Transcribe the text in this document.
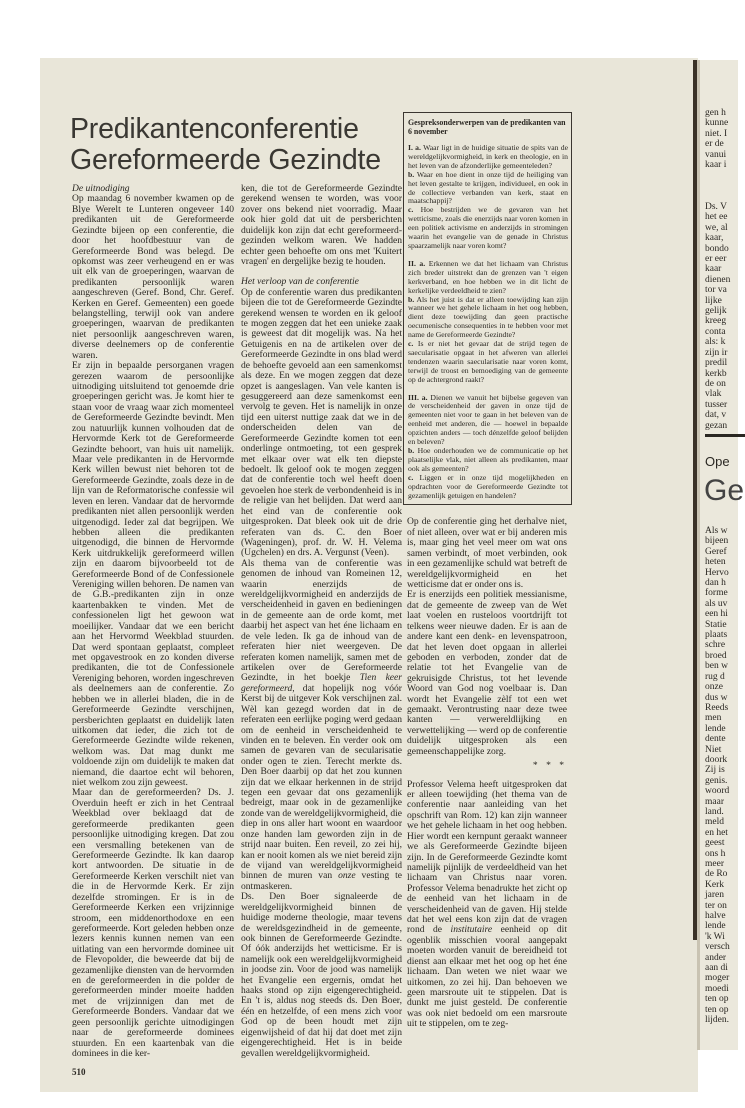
Predikantenconferentie
Gereformeerde Gezindte

De uitnodiging

Op maandag 6 november kwamen op de Blye Werelt te Lunteren ongeveer 140 predikanten uit de Gereformeerde Gezindte bijeen op een conferentie, die door het hoofdbestuur van de Gereformeerde Bond was belegd. De opkomst was zeer verheugend en er was uit elk van de groeperingen, waarvan de predikanten persoonlijk waren aangeschreven (Geref. Bond, Chr. Geref. Kerken en Geref. Gemeenten) een goede belangstelling, terwijl ook van andere groeperingen, waarvan de predikanten niet persoonlijk aangeschreven waren, diverse deelnemers op de conferentie waren.

Er zijn in bepaalde persorganen vragen gerezen waarom de persoonlijke uitnodiging uitsluitend tot genoemde drie groeperingen gericht was. Je komt hier te staan voor de vraag waar zich momenteel de Gereformeerde Gezindte bevindt. Men zou natuurlijk kunnen volhouden dat de Hervormde Kerk tot de Gereformeerde Gezindte behoort, van huis uit namelijk. Maar vele predikanten in de Hervormde Kerk willen bewust niet behoren tot de Gereformeerde Gezindte, zoals deze in de lijn van de Reformatorische confessie wil leven en leren. Vandaar dat de hervormde predikanten niet allen persoonlijk werden uitgenodigd. Ieder zal dat begrijpen. We hebben alleen die predikanten uitgenodigd, die binnen de Hervormde Kerk uitdrukkelijk gereformeerd willen zijn en daarom bijvoorbeeld tot de Gereformeerde Bond of de Confessionele Vereniging willen behoren. De namen van de G.B.-predikanten zijn in onze kaartenbakken te vinden. Met de confessionelen ligt het gewoon wat moeilijker. Vandaar dat we een bericht aan het Hervormd Weekblad stuurden. Dat werd spontaan geplaatst, compleet met opgavestrook en zo konden diverse predikanten, die tot de Confessionele Vereniging behoren, worden ingeschreven als deelnemers aan de conferentie. Zo hebben we in allerlei bladen, die in de Gereformeerde Gezindte verschijnen, persberichten geplaatst en duidelijk laten uitkomen dat ieder, die zich tot de Gereformeerde Gezindte wilde rekenen, welkom was. Dat mag dunkt me voldoende zijn om duidelijk te maken dat niemand, die daartoe echt wil behoren, niet welkom zou zijn geweest.

Maar dan de gereformeerden? Ds. J. Overduin heeft er zich in het Centraal Weekblad over beklaagd dat de gereformeerde predikanten geen persoonlijke uitnodiging kregen. Dat zou een versmalling betekenen van de Gereformeerde Gezindte. Ik kan daarop kort antwoorden. De situatie in de Gereformeerde Kerken verschilt niet van die in de Hervormde Kerk. Er zijn dezelfde stromingen. Er is in de Gereformeerde Kerken een vrijzinnige stroom, een middenorthodoxe en een gereformeerde. Kort geleden hebben onze lezers kennis kunnen nemen van een uitlating van een hervormde dominee uit de Flevopolder, die beweerde dat bij de gezamenlijke diensten van de hervormden en de gereformeerden in die polder de gereformeerden minder moeite hadden met de vrijzinnigen dan met de Gereformeerde Bonders. Vandaar dat we geen persoonlijk gerichte uitnodigingen naar de gereformeerde dominees stuurden. En een kaartenbak van die dominees in die ker-

510

ken, die tot de Gereformeerde Gezindte gerekend wensen te worden, was voor zover ons bekend niet voorradig. Maar ook hier gold dat uit de persberichten duidelijk kon zijn dat echt gereformeerd-gezinden welkom waren. We hadden echter geen behoefte om ons met 'Kuitert vragen' en dergelijke bezig te houden.

Het verloop van de conferentie

Op de conferentie waren dus predikanten bijeen die tot de Gereformeerde Gezindte gerekend wensen te worden en ik geloof te mogen zeggen dat het een unieke zaak is geweest dat dit mogelijk was. Na het Getuigenis en na de artikelen over de Gereformeerde Gezindte in ons blad werd de behoefte gevoeld aan een samenkomst als deze. En we mogen zeggen dat deze opzet is aangeslagen. Van vele kanten is gesuggereerd aan deze samenkomst een vervolg te geven. Het is namelijk in onze tijd een uiterst nuttige zaak dat we in de onderscheiden delen van de Gereformeerde Gezindte komen tot een onderlinge ontmoeting, tot een gesprek met elkaar over wat elk ten diepste bedoelt. Ik geloof ook te mogen zeggen dat de conferentie toch wel heeft doen gevoelen hoe sterk de verbondenheid is in de religie van het belijden. Dat werd aan het eind van de conferentie ook uitgesproken. Dat bleek ook uit de drie referaten van ds. C. den Boer (Wageningen), prof. dr. W. H. Velema (Ugchelen) en drs. A. Vergunst (Veen).

Als thema van de conferentie was genomen de inhoud van Romeinen 12, waarin enerzijds de wereldgelijkvormigheid en anderzijds de verscheidenheid in gaven en bedieningen in de gemeente aan de orde komt, met daarbij het aspect van het éne lichaam en de vele leden. Ik ga de inhoud van de referaten hier niet weergeven. De referaten komen namelijk, samen met de artikelen over de Gereformeerde Gezindte, in het boekje Tien keer gereformeerd, dat hopelijk nog vóór Kerst bij de uitgever Kok verschijnen zal. Wèl kan gezegd worden dat in de referaten een eerlijke poging werd gedaan om de eenheid in verscheidenheid te vinden en te beleven. En verder ook om samen de gevaren van de secularisatie onder ogen te zien. Terecht merkte ds. Den Boer daarbij op dat het zou kunnen zijn dat we elkaar herkennen in de strijd tegen een gevaar dat ons gezamenlijk bedreigt, maar ook in de gezamenlijke zonde van de wereldgelijkvormigheid, die diep in ons aller hart woont en waardoor onze handen lam geworden zijn in de strijd naar buiten. Een reveil, zo zei hij, kan er nooit komen als we niet bereid zijn de vijand van wereldgelijkvormigheid binnen de muren van onze vesting te ontmaskeren.

Ds. Den Boer signaleerde de wereldgelijkvormigheid binnen de huidige moderne theologie, maar tevens de wereldsgezindheid in de gemeente, ook binnen de Gereformeerde Gezindte. Of óók anderzijds het wetticisme. Er is namelijk ook een wereldgelijkvormigheid in joodse zin. Voor de jood was namelijk het Evangelie een ergernis, omdat het haaks stond op zijn eigengerechtigheid. En 't is, aldus nog steeds ds. Den Boer, één en hetzelfde, of een mens zich voor God op de been houdt met zijn eigenwijsheid of dat hij dat doet met zijn eigengerechtigheid. Het is in beide gevallen wereldgelijkvormigheid.

Gespreksonderwerpen van de predikanten van 6 november

I. a. Waar ligt in de huidige situatie de spits van de wereldgelijkvormigheid, in kerk en theologie, en in het leven van de afzonderlijke gemeenteleden?

b. Waar en hoe dient in onze tijd de heiliging van het leven gestalte te krijgen, individueel, en ook in de collectieve verbanden van kerk, staat en maatschappij?

c. Hoe bestrijden we de gevaren van het wetticisme, zoals die enerzijds naar voren komen in een politiek activisme en anderzijds in stromingen waarin het evangelie van de genade in Christus spaarzamelijk naar voren komt?

II. a. Erkennen we dat het lichaam van Christus zich breder uitstrekt dan de grenzen van 't eigen kerkverband, en hoe hebben we in dit licht de kerkelijke verdeeldheid te zien?

b. Als het juist is dat er alleen toewijding kan zijn wanneer we het gehele lichaam in het oog hebben, dient deze toewijding dan geen practische oecumenische consequenties in te hebben voor met name de Gereformeerde Gezindte?

c. Is er niet het gevaar dat de strijd tegen de saecularisatie opgaat in het afweren van allerlei tendenzen waarin saecularisatie naar voren komt, terwijl de troost en bemoediging van de gemeente op de achtergrond raakt?

III. a. Dienen we vanuit het bijbelse gegeven van de verscheidenheid der gaven in onze tijd de gemeenten niet voor te gaan in het beleven van de eenheid met anderen, die — hoewel in bepaalde opzichten anders — toch dénzelfde geloof belijden en beleven?

b. Hoe onderhouden we de communicatie op het plaatselijke vlak, niet alleen als predikanten, maar ook als gemeenten?

c. Liggen er in onze tijd mogelijkheden en opdrachten voor de Gereformeerde Gezindte tot gezamenlijk getuigen en handelen?

Op de conferentie ging het derhalve niet, of niet alleen, over wat er bij anderen mis is, maar ging het veel meer om wat ons samen verbindt, of moet verbinden, ook in een gezamenlijke schuld wat betreft de wereldgelijkvormigheid en het wetticisme dat er onder ons is.

Er is enerzijds een politiek messianisme, dat de gemeente de zweep van de Wet laat voelen en rusteloos voortdrijft tot telkens weer nieuwe daden. Er is aan de andere kant een denk- en levenspatroon, dat het leven doet opgaan in allerlei geboden en verboden, zonder dat de relatie tot het Evangelie van de gekruisigde Christus, tot het levende Woord van God nog voelbaar is. Dan wordt het Evangelie zèlf tot een wet gemaakt. Verontrusting naar deze twee kanten — verwereldlijking en verwettelijking — werd op de conferentie duidelijk uitgesproken als een gemeenschappelijke zorg.

* * *

Professor Velema heeft uitgesproken dat er alleen toewijding (het thema van de conferentie naar aanleiding van het opschrift van Rom. 12) kan zijn wanneer we het gehele lichaam in het oog hebben. Hier wordt een kernpunt geraakt wanneer we als Gereformeerde Gezindte bijeen zijn. In de Gereformeerde Gezindte komt namelijk pijnlijk de verdeeldheid van het lichaam van Christus naar voren. Professor Velema benadrukte het zicht op de eenheid van het lichaam in de verscheidenheid van de gaven. Hij stelde dat het wel eens kon zijn dat de vragen rond de institutaire eenheid op dit ogenblik misschien vooral aangepakt moeten worden vanuit de bereidheid tot dienst aan elkaar met het oog op het éne lichaam. Dan weten we niet waar we uitkomen, zo zei hij. Dan behoeven we geen marsroute uit te stippelen. Dat is dunkt me juist gesteld. De conferentie was ook niet bedoeld om een marsroute uit te stippelen, om te zeg-

gen h
kunne
niet. I
er de
vanui
kaar i
Ds. V
het ee
we, al
kaar,
bondo
er eer
kaar
dienen
tor va
lijke
gelijk
kreeg
conta
als: k
zijn ir
predil
kerkb
de on
vlak
tusser
dat, v
gezan
Ope
Ge
Als w
bijeen
Geref
heten
Hervo
dan h
forme
als uv
een hi
Statie
plaats
schre
broed
ben w
rug d
onze
dus w
Reeds
men
lende
dente
Niet
doork
Zij is
genis.
woord
maar
land.
meld
en het
geest
ons h
meer
de Ro
Kerk
jaren
ter on
halve
lende
'k Wi
versch
ander
aan di
moger
moedi
ten op
ten op
lijden.
